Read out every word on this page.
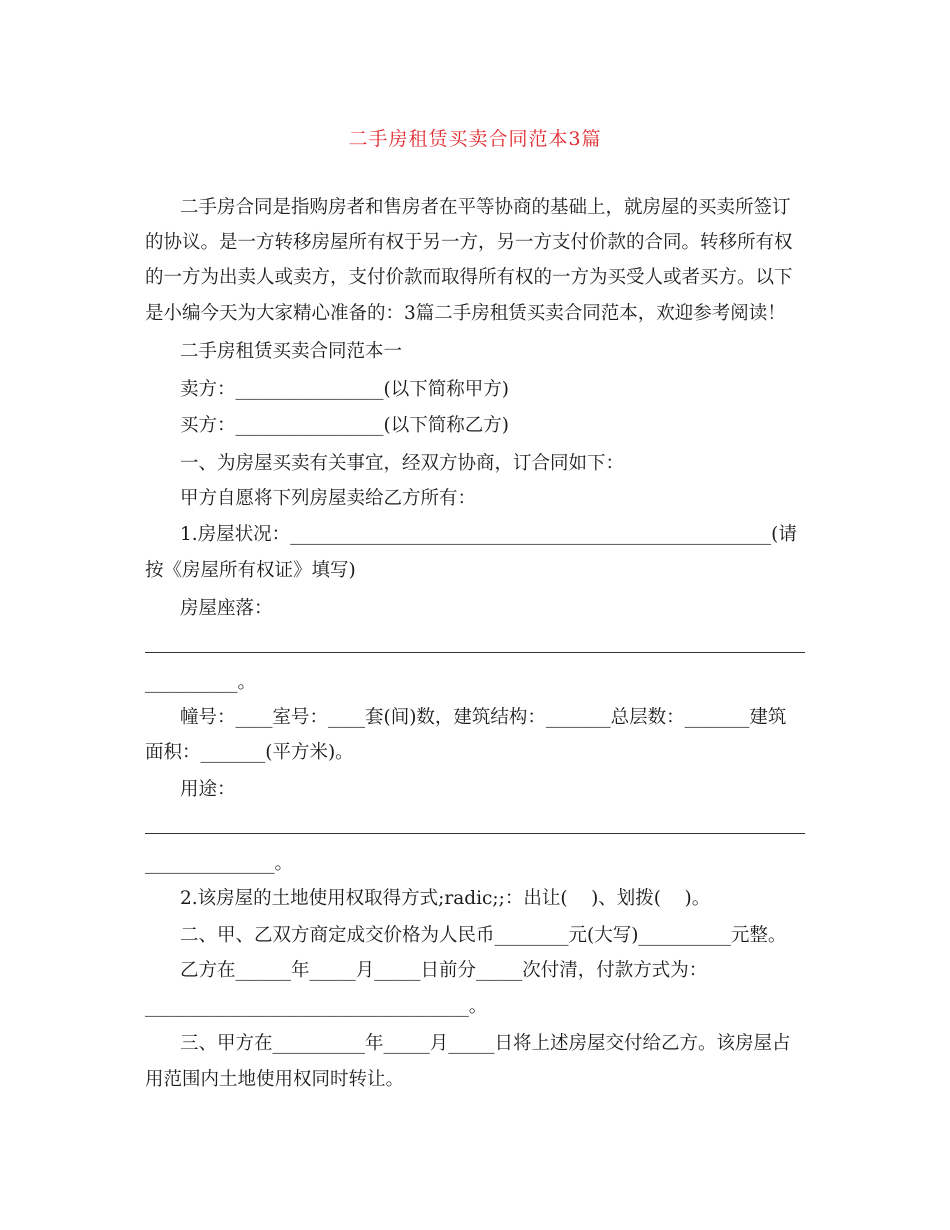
二手房租赁买卖合同范本3篇
二手房合同是指购房者和售房者在平等协商的基础上，就房屋的买卖所签订
的协议。是一方转移房屋所有权于另一方，另一方支付价款的合同。转移所有权
的一方为出卖人或卖方，支付价款而取得所有权的一方为买受人或者买方。以下
是小编今天为大家精心准备的：3篇二手房租赁买卖合同范本，欢迎参考阅读！
二手房租赁买卖合同范本一
卖方：________________(以下简称甲方)
买方：________________(以下简称乙方)
一、为房屋买卖有关事宜，经双方协商，订合同如下：
甲方自愿将下列房屋卖给乙方所有：
1.房屋状况：____________________________________________________(请
按《房屋所有权证》填写)
房屋座落：
__________。
幢号：____室号：____套(间)数，建筑结构：_______总层数：_______建筑
面积：_______(平方米)。
用途：
______________。
2.该房屋的土地使用权取得方式;radic;;：出让(    )、划拨(    )。
二、甲、乙双方商定成交价格为人民币________元(大写)__________元整。
乙方在______年_____月_____日前分_____次付清，付款方式为：
___________________________________。
三、甲方在__________年_____月_____日将上述房屋交付给乙方。该房屋占
用范围内土地使用权同时转让。
